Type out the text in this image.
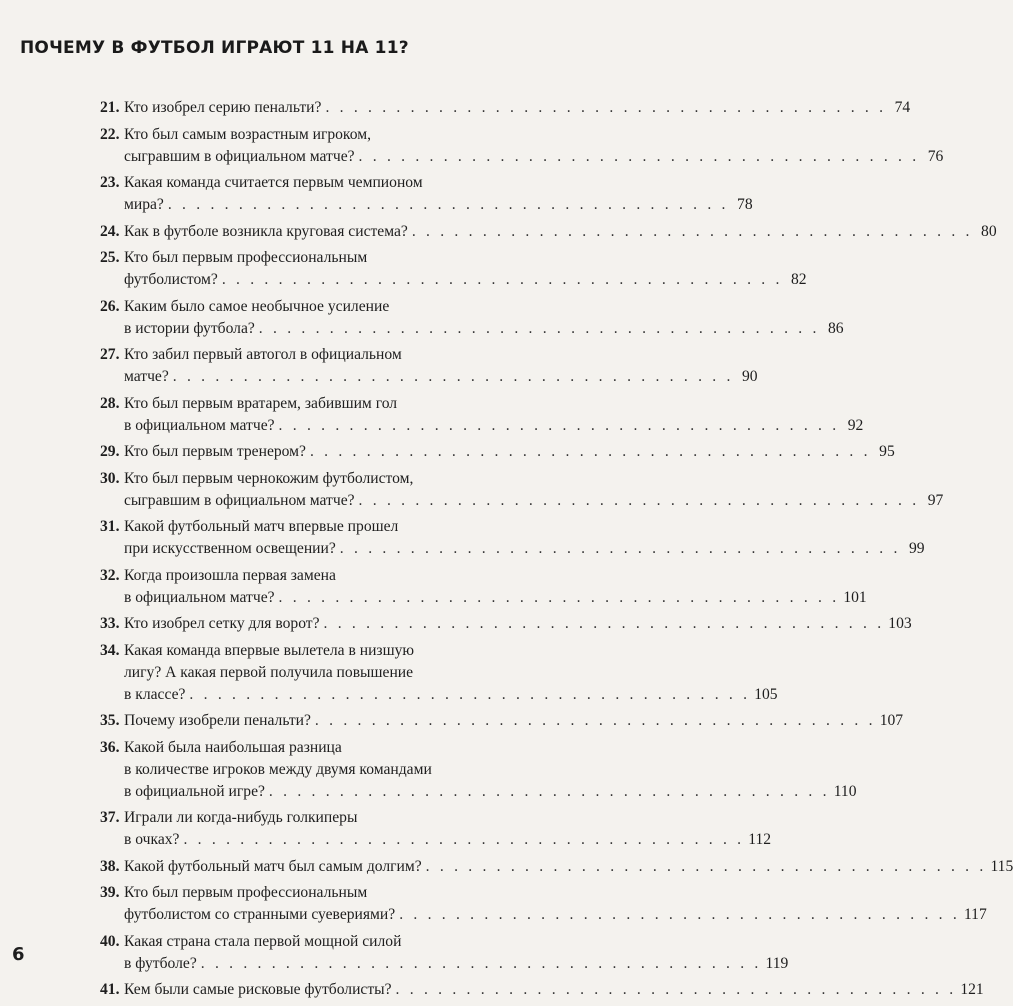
ПОЧЕМУ В ФУТБОЛ ИГРАЮТ 11 НА 11?
21. Кто изобрел серию пенальти? . . . . . . . . . . . . . . . . . . . . . . . . . . . . . . . . . . . . . . . . 74
22. Кто был самым возрастным игроком,
сыгравшим в официальном матче? . . . . . . . . . . . . . . . . . . . . . . . . . . . . . . . . . . . . . . . . 76
23. Какая команда считается первым чемпионом
мира? . . . . . . . . . . . . . . . . . . . . . . . . . . . . . . . . . . . . . . . . 78
24. Как в футболе возникла круговая система? . . . . . . . . . . . . . . . . . . . . . . . . . . . . . . . . . . . . . . . . 80
25. Кто был первым профессиональным
футболистом? . . . . . . . . . . . . . . . . . . . . . . . . . . . . . . . . . . . . . . . . 82
26. Каким было самое необычное усиление
в истории футбола? . . . . . . . . . . . . . . . . . . . . . . . . . . . . . . . . . . . . . . . . 86
27. Кто забил первый автогол в официальном
матче? . . . . . . . . . . . . . . . . . . . . . . . . . . . . . . . . . . . . . . . . 90
28. Кто был первым вратарем, забившим гол
в официальном матче? . . . . . . . . . . . . . . . . . . . . . . . . . . . . . . . . . . . . . . . . 92
29. Кто был первым тренером? . . . . . . . . . . . . . . . . . . . . . . . . . . . . . . . . . . . . . . . . 95
30. Кто был первым чернокожим футболистом,
сыгравшим в официальном матче? . . . . . . . . . . . . . . . . . . . . . . . . . . . . . . . . . . . . . . . . 97
31. Какой футбольный матч впервые прошел
при искусственном освещении? . . . . . . . . . . . . . . . . . . . . . . . . . . . . . . . . . . . . . . . . 99
32. Когда произошла первая замена
в официальном матче? . . . . . . . . . . . . . . . . . . . . . . . . . . . . . . . . . . . . . . . . 101
33. Кто изобрел сетку для ворот? . . . . . . . . . . . . . . . . . . . . . . . . . . . . . . . . . . . . . . . . 103
34. Какая команда впервые вылетела в низшую
лигу? А какая первой получила повышение
в классе? . . . . . . . . . . . . . . . . . . . . . . . . . . . . . . . . . . . . . . . . 105
35. Почему изобрели пенальти? . . . . . . . . . . . . . . . . . . . . . . . . . . . . . . . . . . . . . . . . 107
36. Какой была наибольшая разница
в количестве игроков между двумя командами
в официальной игре? . . . . . . . . . . . . . . . . . . . . . . . . . . . . . . . . . . . . . . . . 110
37. Играли ли когда-нибудь голкиперы
в очках? . . . . . . . . . . . . . . . . . . . . . . . . . . . . . . . . . . . . . . . . 112
38. Какой футбольный матч был самым долгим? . . . . . . . . . . . . . . . . . . . . . . . . . . . . . . . . . . . . . . . . 115
39. Кто был первым профессиональным
футболистом со странными суевериями? . . . . . . . . . . . . . . . . . . . . . . . . . . . . . . . . . . . . . . . . 117
40. Какая страна стала первой мощной силой
в футболе? . . . . . . . . . . . . . . . . . . . . . . . . . . . . . . . . . . . . . . . . 119
41. Кем были самые рисковые футболисты? . . . . . . . . . . . . . . . . . . . . . . . . . . . . . . . . . . . . . . . . 121
6
